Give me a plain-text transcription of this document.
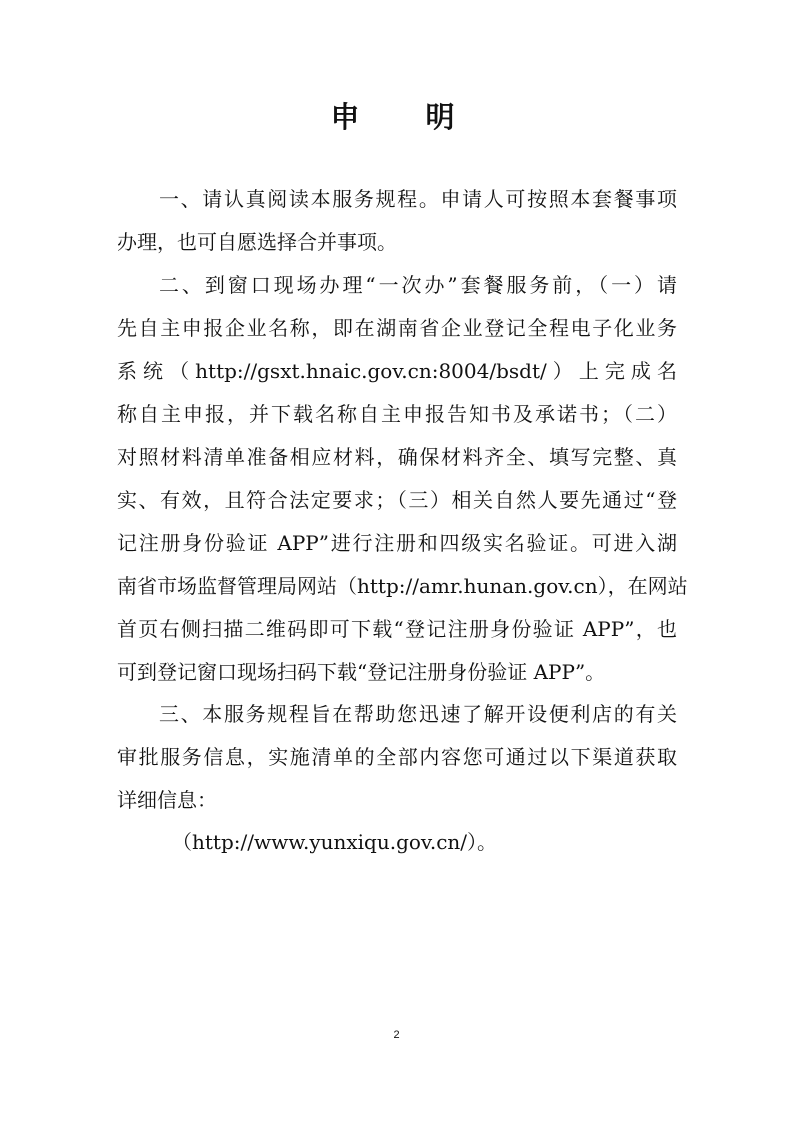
申 明
一、请认真阅读本服务规程。申请人可按照本套餐事项
办理，也可自愿选择合并事项。
二、到窗口现场办理“一次办”套餐服务前，（一）请
先自主申报企业名称，即在湖南省企业登记全程电子化业务
系统（http://gsxt.hnaic.gov.cn:8004/bsdt/）上完成名
称自主申报，并下载名称自主申报告知书及承诺书；（二）
对照材料清单准备相应材料，确保材料齐全、填写完整、真
实、有效，且符合法定要求；（三）相关自然人要先通过“登
记注册身份验证 APP”进行注册和四级实名验证。可进入湖
南省市场监督管理局网站（http://amr.hunan.gov.cn），在网站
首页右侧扫描二维码即可下载“登记注册身份验证 APP”，也
可到登记窗口现场扫码下载“登记注册身份验证 APP”。
三、本服务规程旨在帮助您迅速了解开设便利店的有关
审批服务信息，实施清单的全部内容您可通过以下渠道获取
详细信息：
（http://www.yunxiqu.gov.cn/）。
2
